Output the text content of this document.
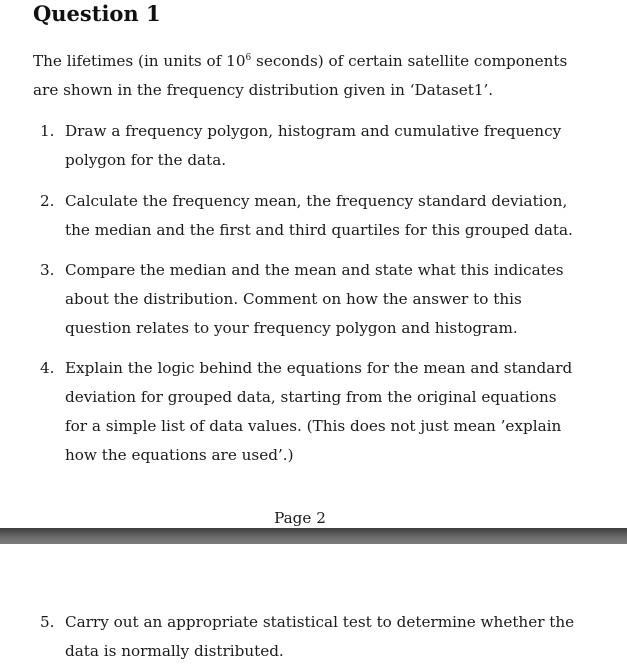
Question 1

The lifetimes (in units of $10^6$ seconds) of certain satellite components are shown in the frequency distribution given in ‘Dataset1’.

1. Draw a frequency polygon, histogram and cumulative frequency polygon for the data.
2. Calculate the frequency mean, the frequency standard deviation, the median and the first and third quartiles for this grouped data.
3. Compare the median and the mean and state what this indicates about the distribution. Comment on how the answer to this question relates to your frequency polygon and histogram.
4. Explain the logic behind the equations for the mean and standard deviation for grouped data, starting from the original equations for a simple list of data values. (This does not just mean ’explain how the equations are used’.)
Page 2
5. Carry out an appropriate statistical test to determine whether the data is normally distributed.
